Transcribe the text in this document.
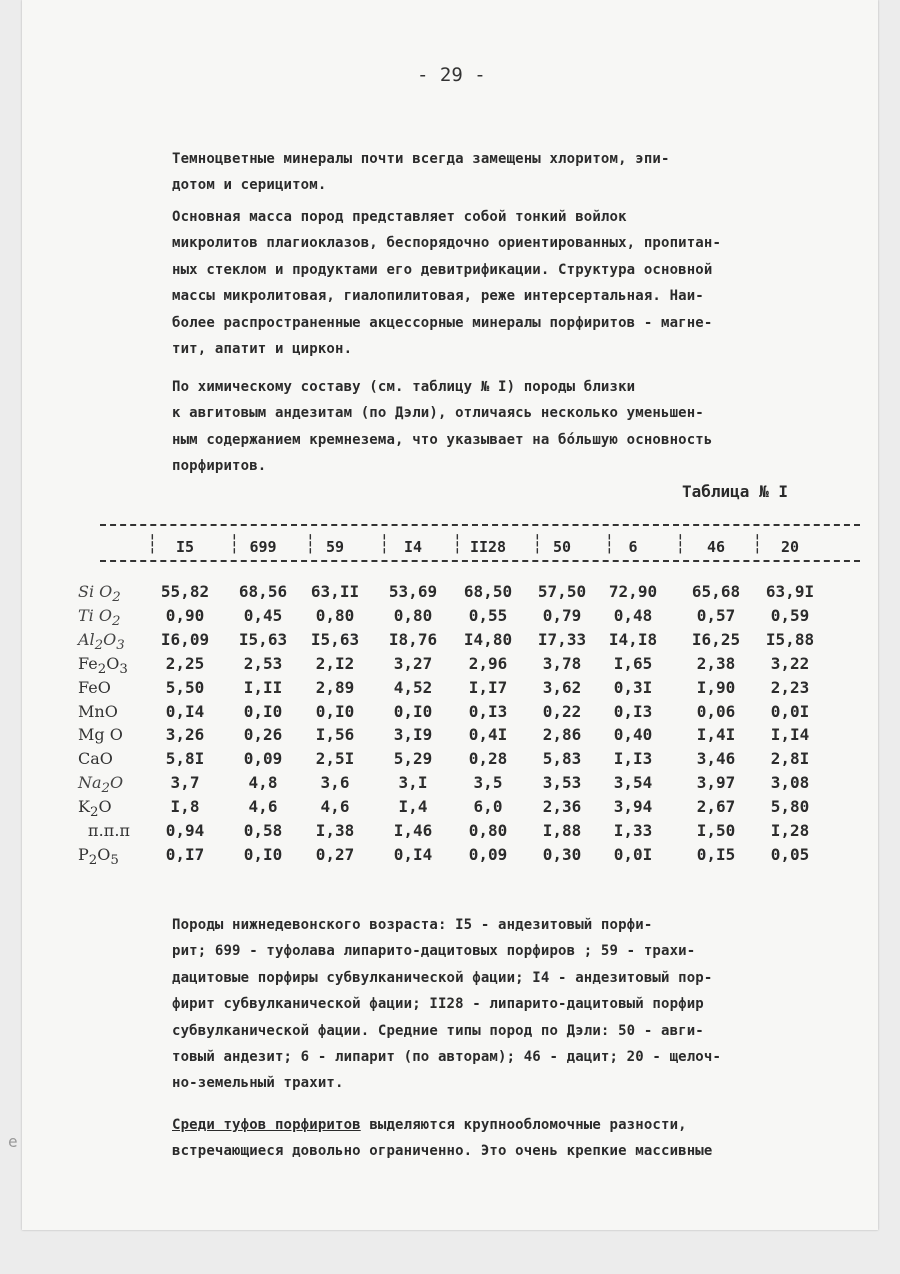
- 29 -
Темноцветные минералы почти всегда замещены хлоритом, эпи-
дотом и серицитом.
Основная масса пород представляет собой тонкий войлок
микролитов плагиоклазов, беспорядочно ориентированных, пропитан-
ных стеклом и продуктами его девитрификации. Структура основной
массы микролитовая, гиалопилитовая, реже интерсертальная. Наи-
более распространенные акцессорные минералы порфиритов - магне-
тит, апатит и циркон.
По химическому составу (см. таблицу № I) породы близки
к авгитовым андезитам (по Дэли), отличаясь несколько уменьшен-
ным содержанием кремнезема, что указывает на бо́льшую основность
порфиритов.
Таблица № I
I5	699	59	I4	II28	50	6	46	20
┆	┆	┆	┆	┆	┆	┆	┆	┆
Si $O_2$	55,82 68,56 63,II 53,69 68,50 57,50 72,90 65,68 63,9I
Ti $O_2$	0,90 0,45 0,80 0,80 0,55 0,79 0,48	0,57 0,59
$Al_2O_3$ I6,09 I5,63 I5,63 I8,76 I4,80 I7,33 I4,I8 I6,25 I5,88
$Fe_2O_3$ 2,25 2,53 2,I2 3,27 2,96 3,78 I,65	2,38 3,22
FeO	5,50 I,II 2,89 4,52 I,I7 3,62 0,3I	I,90 2,23
MnO	0,I4 0,I0 0,I0 0,I0 0,I3 0,22 0,I3	0,06 0,0I
Mg O	3,26 0,26 I,56 3,I9 0,4I 2,86 0,40	I,4I I,I4
CaO	5,8I 0,09 2,5I 5,29 0,28 5,83 I,I3	3,46 2,8I
$Na_2O$	3,7	4,8	3,6	3,I	3,5	3,53 3,54	3,97 3,08
$K_2O$	I,8	4,6	4,6	I,4	6,0	2,36 3,94	2,67 5,80
п.п.п 0,94 0,58 I,38 I,46 0,80 I,88 I,33	I,50 I,28
$P_2O_5$	0,I7 0,I0 0,27 0,I4 0,09 0,30 0,0I	0,I5 0,05
Породы нижнедевонского возраста: I5 - андезитовый порфи-
рит; 699 - туфолава липарито-дацитовых порфиров ; 59 - трахи-
дацитовые порфиры субвулканической фации; I4 - андезитовый пор-
фирит субвулканической фации; II28 - липарито-дацитовый порфир
субвулканической фации. Средние типы пород по Дэли: 50 - авги-
товый андезит; 6 - липарит (по авторам); 46 - дацит; 20 - щелоч-
но-земельный трахит.
Среди туфов порфиритов выделяются крупнообломочные разности,
встречающиеся довольно ограниченно. Это очень крепкие массивные
e
